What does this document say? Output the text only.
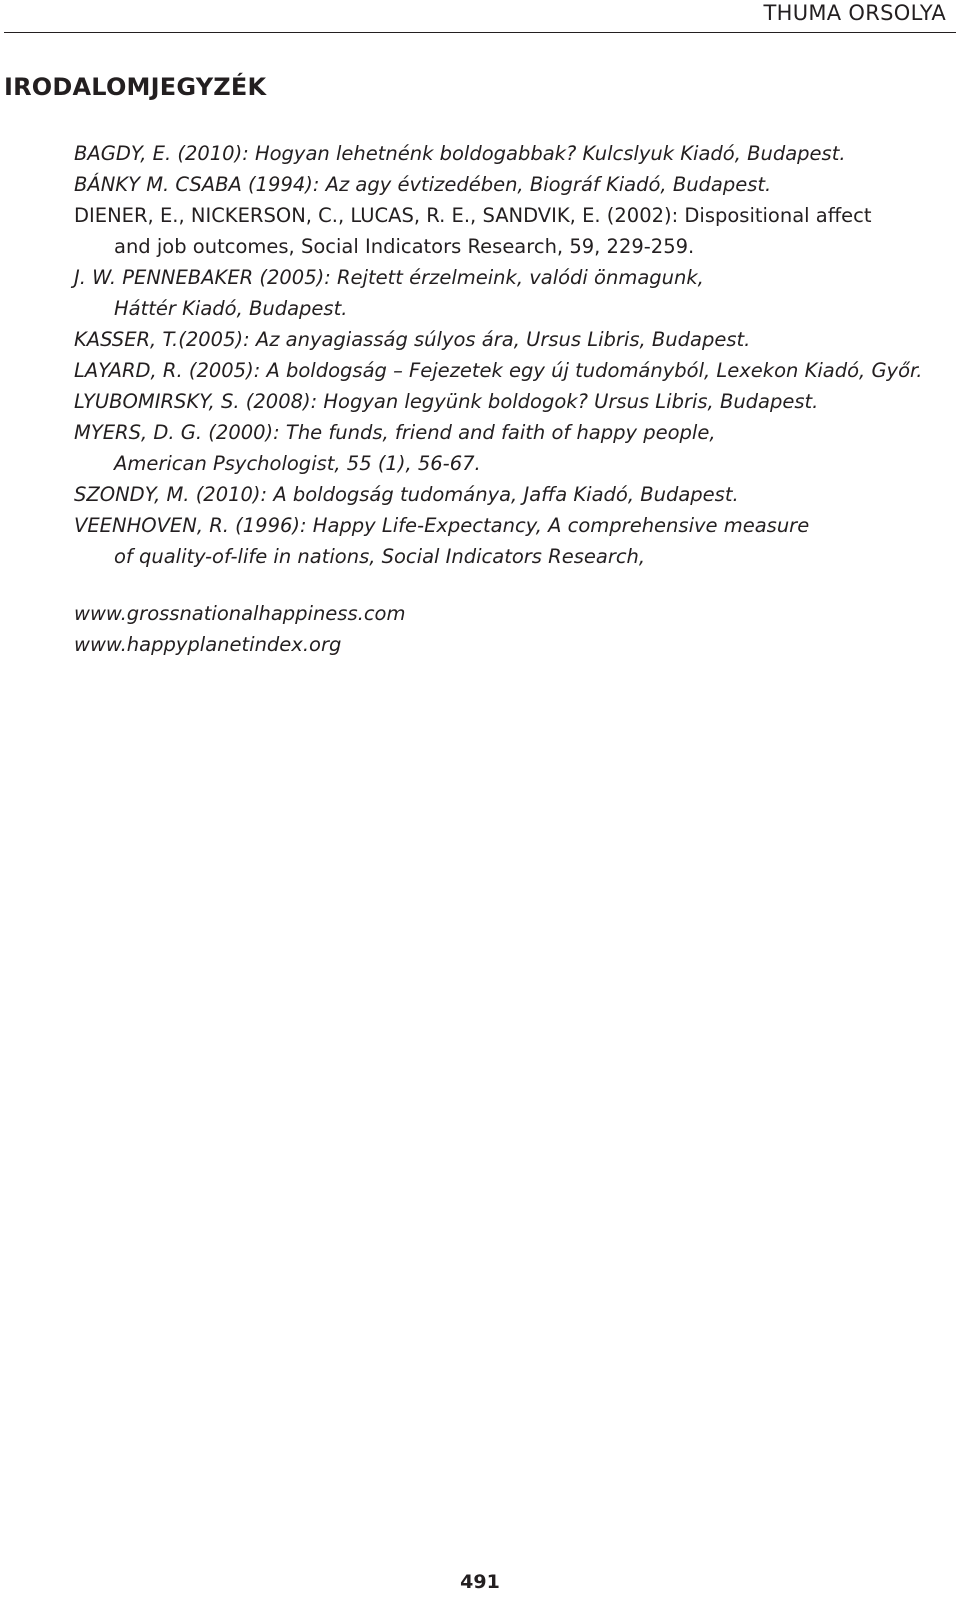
THUMA ORSOLYA
IRODALOMJEGYZÉK
BAGDY, E. (2010): Hogyan lehetnénk boldogabbak? Kulcslyuk Kiadó, Budapest.
BÁNKY M. CSABA (1994): Az agy évtizedében, Biográf Kiadó, Budapest.
DIENER, E., NICKERSON, C., LUCAS, R. E., SANDVIK, E. (2002): Dispositional affect
and job outcomes, Social Indicators Research, 59, 229-259.
J. W. PENNEBAKER (2005): Rejtett érzelmeink, valódi önmagunk,
Háttér Kiadó, Budapest.
KASSER, T.(2005): Az anyagiasság súlyos ára, Ursus Libris, Budapest.
LAYARD, R. (2005): A boldogság – Fejezetek egy új tudományból, Lexekon Kiadó, Győr.
LYUBOMIRSKY, S. (2008): Hogyan legyünk boldogok? Ursus Libris, Budapest.
MYERS, D. G. (2000): The funds, friend and faith of happy people,
American Psychologist, 55 (1), 56-67.
SZONDY, M. (2010): A boldogság tudománya, Jaffa Kiadó, Budapest.
VEENHOVEN, R. (1996): Happy Life-Expectancy, A comprehensive measure
of quality-of-life in nations, Social Indicators Research,
www.grossnationalhappiness.com
www.happyplanetindex.org
491
